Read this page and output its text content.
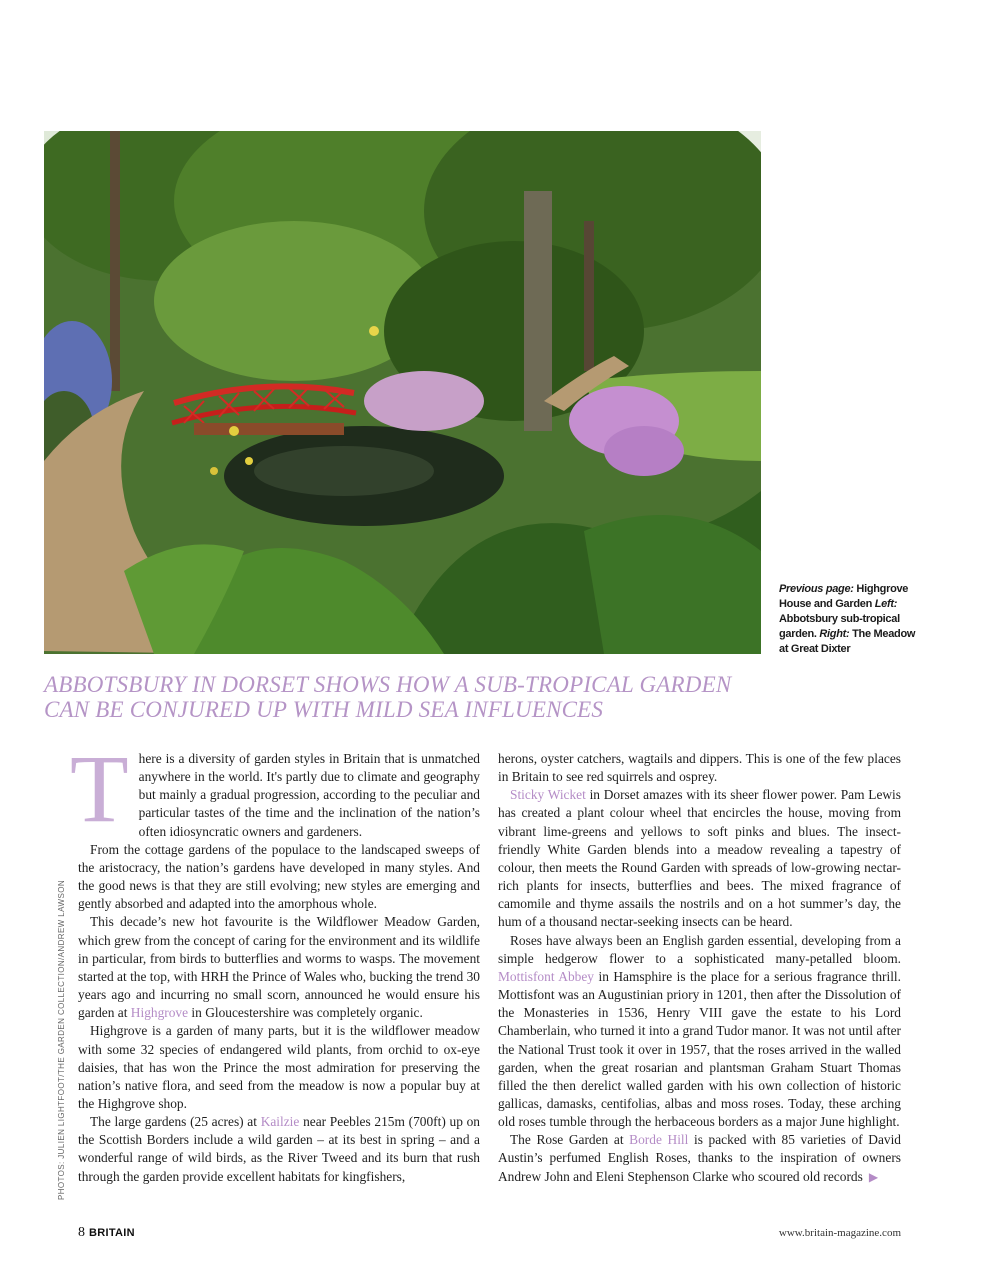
Previous page: Highgrove House and Garden Left: Abbotsbury sub-tropical garden. Right: The Meadow at Great Dixter
ABBOTSBURY IN DORSET SHOWS HOW A SUB-TROPICAL GARDEN CAN BE CONJURED UP WITH MILD SEA INFLUENCES
PHOTOS: JULIEN LIGHTFOOT/THE GARDEN COLLECTION/ANDREW LAWSON

There is a diversity of garden styles in Britain that is unmatched anywhere in the world. It's partly due to climate and geography but mainly a gradual progression, according to the peculiar and particular tastes of the time and the inclination of the nation’s often idiosyncratic owners and gardeners.

From the cottage gardens of the populace to the landscaped sweeps of the aristocracy, the nation’s gardens have developed in many styles. And the good news is that they are still evolving; new styles are emerging and gently absorbed and adapted into the amorphous whole.

This decade’s new hot favourite is the Wildflower Meadow Garden, which grew from the concept of caring for the environment and its wildlife in particular, from birds to butterflies and worms to wasps. The movement started at the top, with HRH the Prince of Wales who, bucking the trend 30 years ago and incurring no small scorn, announced he would ensure his garden at Highgrove in Gloucestershire was completely organic.

Highgrove is a garden of many parts, but it is the wildflower meadow with some 32 species of endangered wild plants, from orchid to ox-eye daisies, that has won the Prince the most admiration for preserving the nation’s native flora, and seed from the meadow is now a popular buy at the Highgrove shop.

The large gardens (25 acres) at Kailzie near Peebles 215m (700ft) up on the Scottish Borders include a wild garden – at its best in spring – and a wonderful range of wild birds, as the River Tweed and its burn that rush through the garden provide excellent habitats for kingfishers,

herons, oyster catchers, wagtails and dippers. This is one of the few places in Britain to see red squirrels and osprey.

Sticky Wicket in Dorset amazes with its sheer flower power. Pam Lewis has created a plant colour wheel that encircles the house, moving from vibrant lime-greens and yellows to soft pinks and blues. The insect-friendly White Garden blends into a meadow revealing a tapestry of colour, then meets the Round Garden with spreads of low-growing nectar-rich plants for insects, butterflies and bees. The mixed fragrance of camomile and thyme assails the nostrils and on a hot summer’s day, the hum of a thousand nectar-seeking insects can be heard.

Roses have always been an English garden essential, developing from a simple hedgerow flower to a sophisticated many-petalled bloom. Mottisfont Abbey in Hamsphire is the place for a serious fragrance thrill. Mottisfont was an Augustinian priory in 1201, then after the Dissolution of the Monasteries in 1536, Henry VIII gave the estate to his Lord Chamberlain, who turned it into a grand Tudor manor. It was not until after the National Trust took it over in 1957, that the roses arrived in the walled garden, when the great rosarian and plantsman Graham Stuart Thomas filled the then derelict walled garden with his own collection of historic gallicas, damasks, centifolias, albas and moss roses. Today, these arching old roses tumble through the herbaceous borders as a major June highlight.

The Rose Garden at Borde Hill is packed with 85 varieties of David Austin’s perfumed English Roses, thanks to the inspiration of owners Andrew John and Eleni Stephenson Clarke who scoured old records ▶

8 BRITAIN	www.britain-magazine.com
